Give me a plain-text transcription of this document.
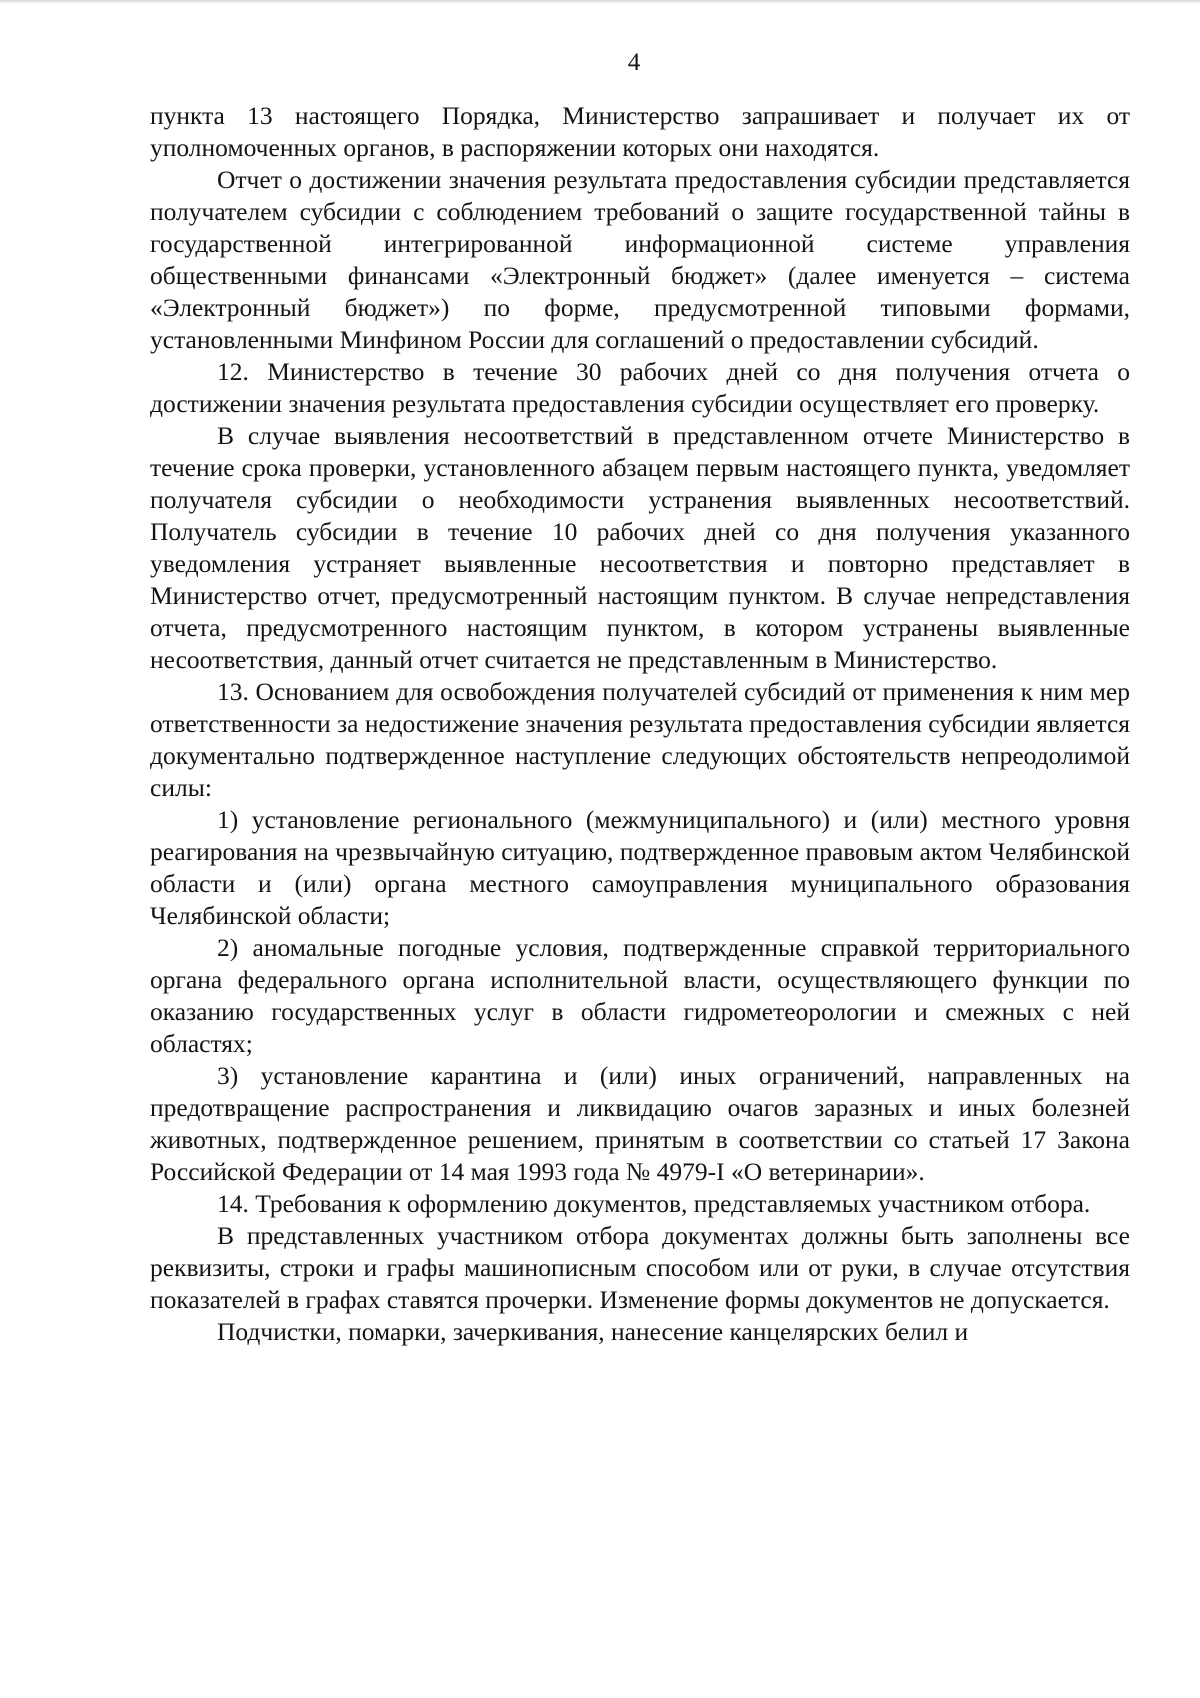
4

пункта 13 настоящего Порядка, Министерство запрашивает и получает их от уполномоченных органов, в распоряжении которых они находятся.

Отчет о достижении значения результата предоставления субсидии представляется получателем субсидии с соблюдением требований о защите государственной тайны в государственной интегрированной информационной системе управления общественными финансами «Электронный бюджет» (далее именуется – система «Электронный бюджет») по форме, предусмотренной типовыми формами, установленными Минфином России для соглашений о предоставлении субсидий.

12. Министерство в течение 30 рабочих дней со дня получения отчета о достижении значения результата предоставления субсидии осуществляет его проверку.

В случае выявления несоответствий в представленном отчете Министерство в течение срока проверки, установленного абзацем первым настоящего пункта, уведомляет получателя субсидии о необходимости устранения выявленных несоответствий. Получатель субсидии в течение 10 рабочих дней со дня получения указанного уведомления устраняет выявленные несоответствия и повторно представляет в Министерство отчет, предусмотренный настоящим пунктом. В случае непредставления отчета, предусмотренного настоящим пунктом, в котором устранены выявленные несоответствия, данный отчет считается не представленным в Министерство.

13. Основанием для освобождения получателей субсидий от применения к ним мер ответственности за недостижение значения результата предоставления субсидии является документально подтвержденное наступление следующих обстоятельств непреодолимой силы:

1) установление регионального (межмуниципального) и (или) местного уровня реагирования на чрезвычайную ситуацию, подтвержденное правовым актом Челябинской области и (или) органа местного самоуправления муниципального образования Челябинской области;

2) аномальные погодные условия, подтвержденные справкой территориального органа федерального органа исполнительной власти, осуществляющего функции по оказанию государственных услуг в области гидрометеорологии и смежных с ней областях;

3) установление карантина и (или) иных ограничений, направленных на предотвращение распространения и ликвидацию очагов заразных и иных болезней животных, подтвержденное решением, принятым в соответствии со статьей 17 Закона Российской Федерации от 14 мая 1993 года № 4979-I «О ветеринарии».

14. Требования к оформлению документов, представляемых участником отбора.

В представленных участником отбора документах должны быть заполнены все реквизиты, строки и графы машинописным способом или от руки, в случае отсутствия показателей в графах ставятся прочерки. Изменение формы документов не допускается.

Подчистки, помарки, зачеркивания, нанесение канцелярских белил и
